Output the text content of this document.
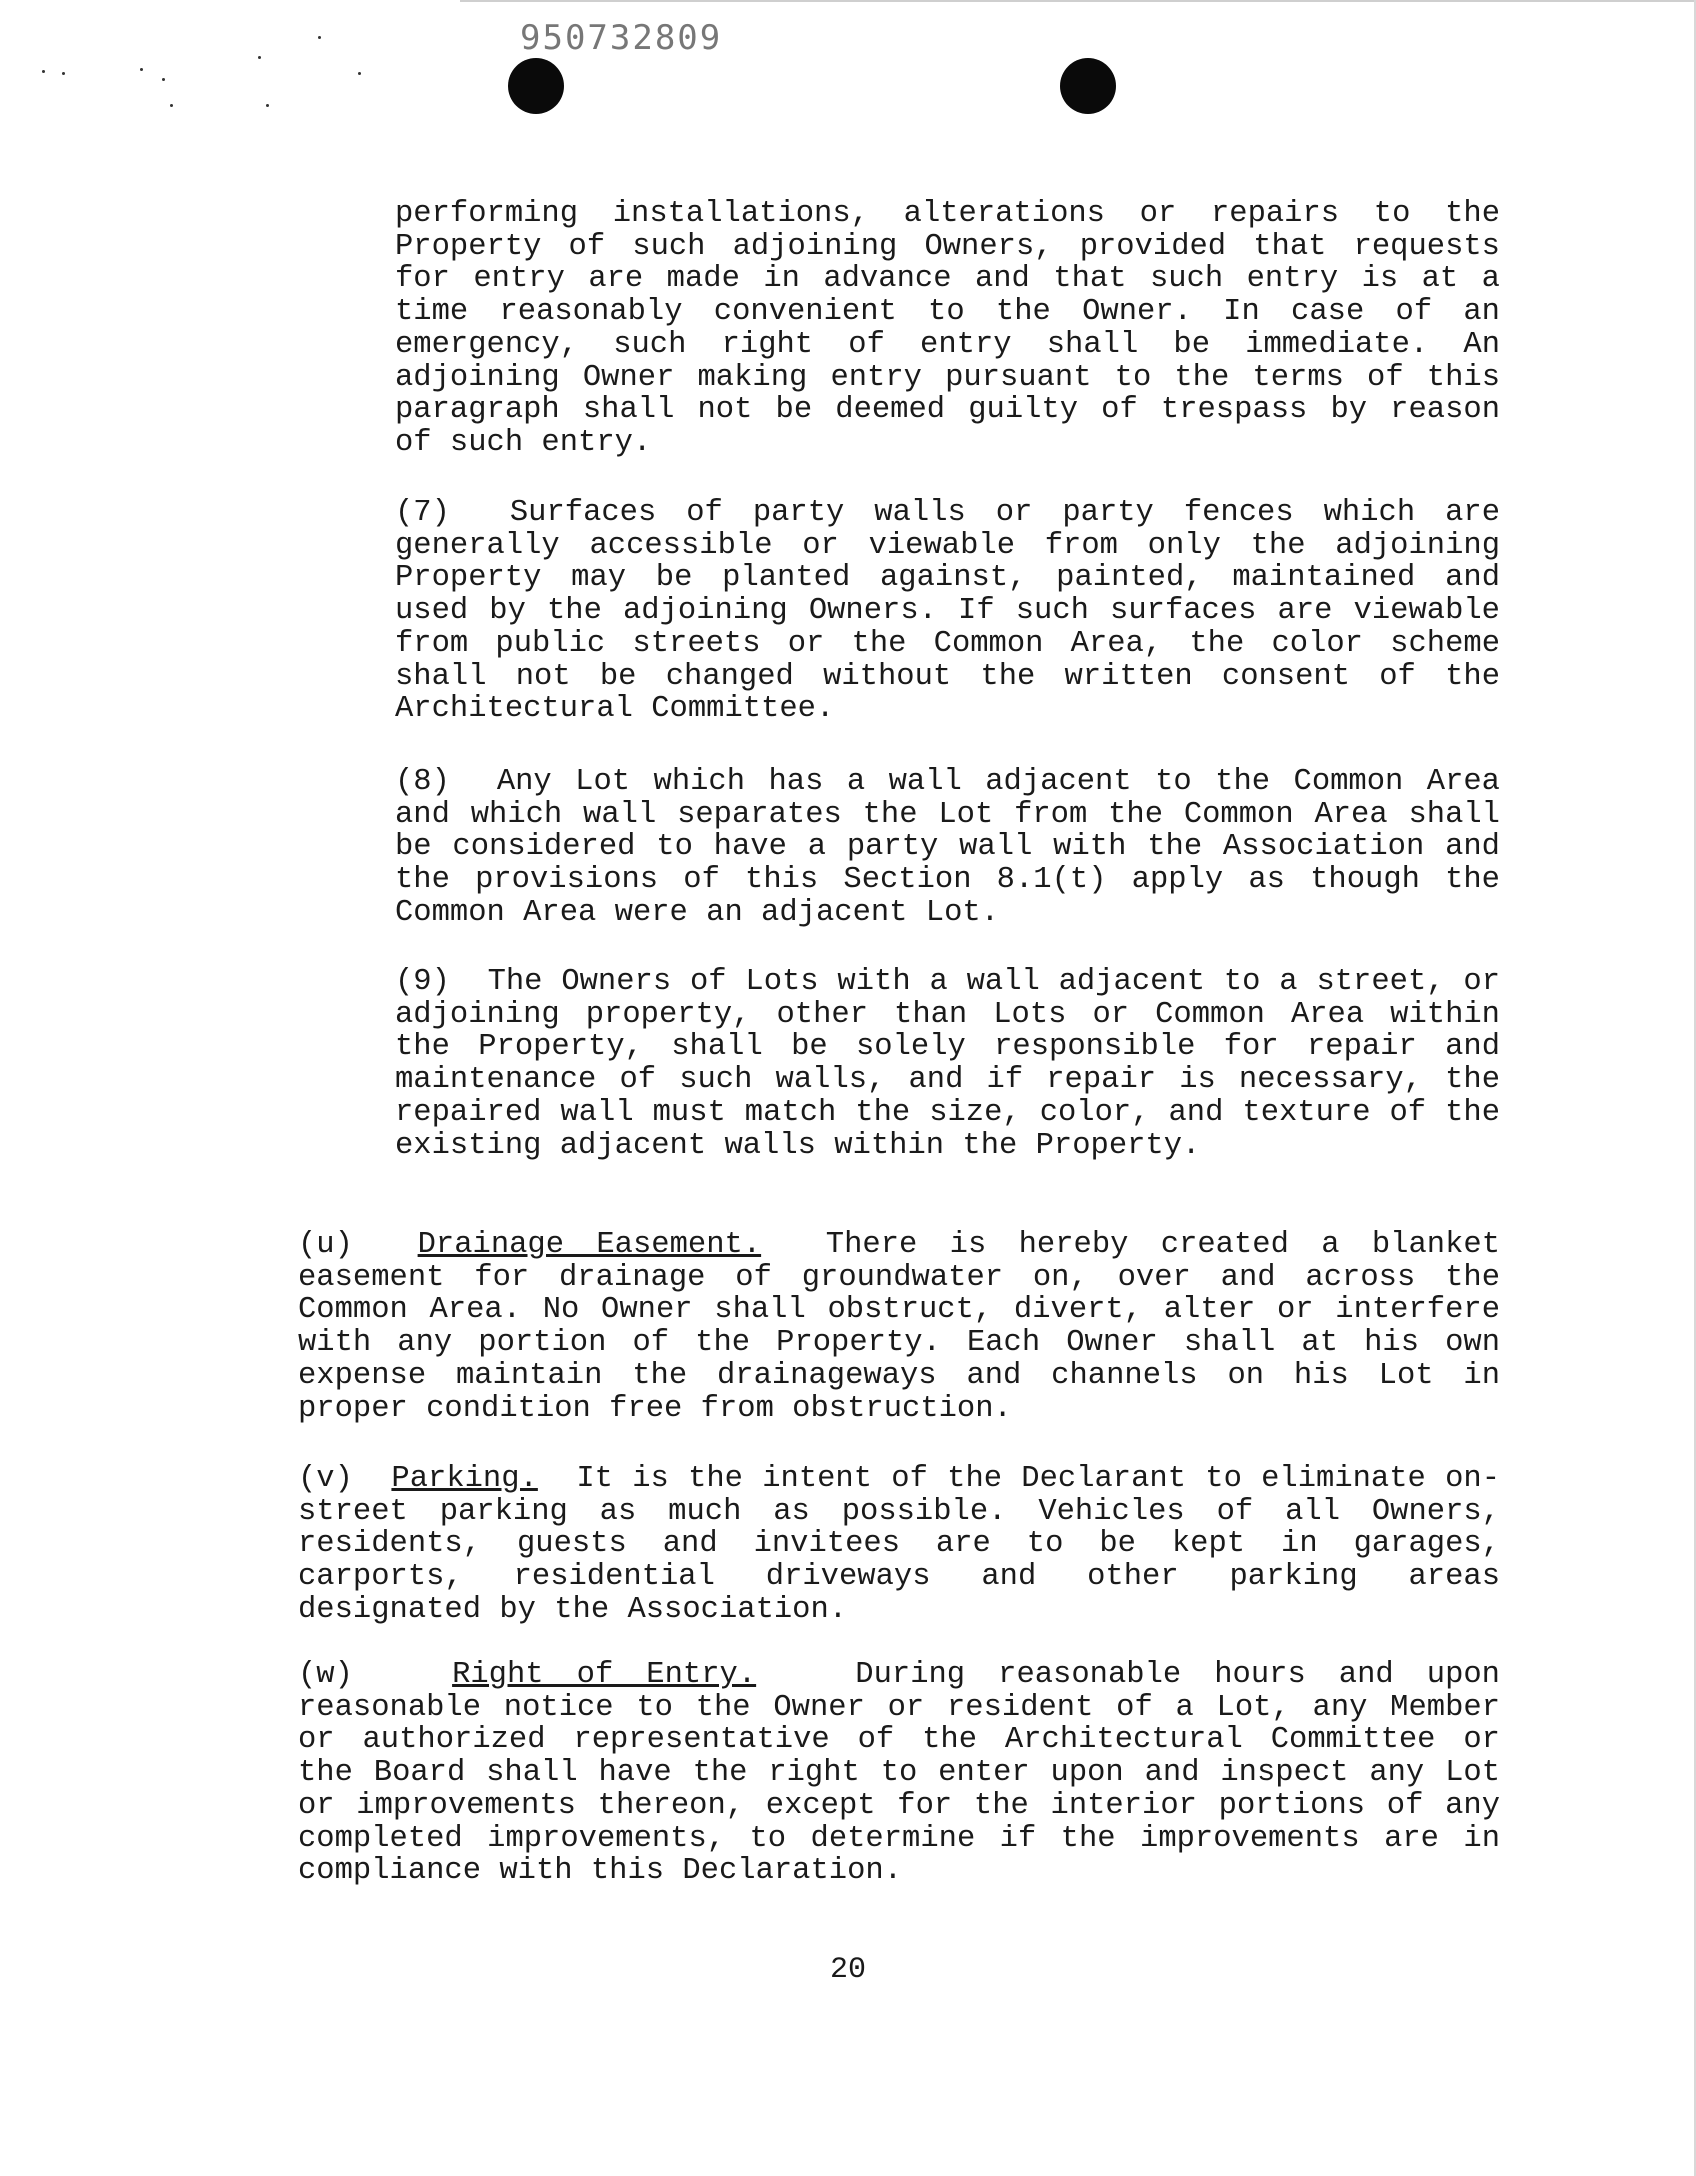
950732809

performing installations, alterations or repairs to the Property of such adjoining Owners, provided that requests for entry are made in advance and that such entry is at a time reasonably convenient to the Owner. In case of an emergency, such right of entry shall be immediate. An adjoining Owner making entry pursuant to the terms of this paragraph shall not be deemed guilty of trespass by reason of such entry.

(7) Surfaces of party walls or party fences which are generally accessible or viewable from only the adjoining Property may be planted against, painted, maintained and used by the adjoining Owners. If such surfaces are viewable from public streets or the Common Area, the color scheme shall not be changed without the written consent of the Architectural Committee.

(8) Any Lot which has a wall adjacent to the Common Area and which wall separates the Lot from the Common Area shall be considered to have a party wall with the Association and the provisions of this Section 8.1(t) apply as though the Common Area were an adjacent Lot.

(9) The Owners of Lots with a wall adjacent to a street, or adjoining property, other than Lots or Common Area within the Property, shall be solely responsible for repair and maintenance of such walls, and if repair is necessary, the repaired wall must match the size, color, and texture of the existing adjacent walls within the Property.

(u) Drainage Easement. There is hereby created a blanket easement for drainage of groundwater on, over and across the Common Area. No Owner shall obstruct, divert, alter or interfere with any portion of the Property. Each Owner shall at his own expense maintain the drainageways and channels on his Lot in proper condition free from obstruction.

(v) Parking. It is the intent of the Declarant to eliminate on-street parking as much as possible. Vehicles of all Owners, residents, guests and invitees are to be kept in garages, carports, residential driveways and other parking areas designated by the Association.

(w)	Right of Entry.	During reasonable hours and upon reasonable notice to the Owner or resident of a Lot, any Member or authorized representative of the Architectural Committee or the Board shall have the right to enter upon and inspect any Lot or improvements thereon, except for the interior portions of any completed improvements, to determine if the improvements are in compliance with this Declaration.

20
